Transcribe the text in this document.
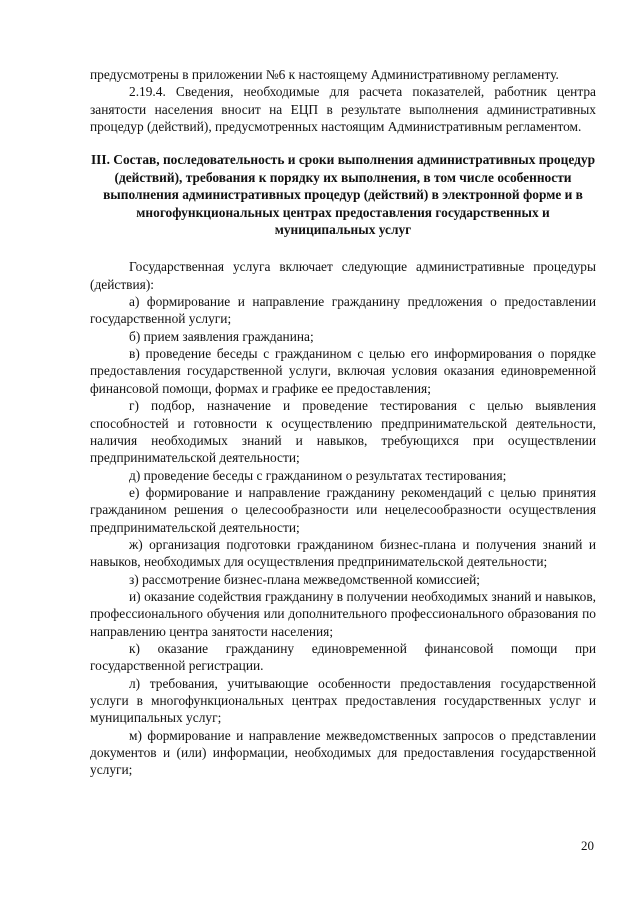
предусмотрены в приложении №6 к настоящему Административному регламенту.

2.19.4. Сведения, необходимые для расчета показателей, работник центра занятости населения вносит на ЕЦП в результате выполнения административных процедур (действий), предусмотренных настоящим Административным регламентом.

III. Состав, последовательность и сроки выполнения административных процедур (действий), требования к порядку их выполнения, в том числе особенности выполнения административных процедур (действий) в электронной форме и в многофункциональных центрах предоставления государственных и муниципальных услуг

Государственная услуга включает следующие административные процедуры (действия):

а) формирование и направление гражданину предложения о предоставлении государственной услуги;

б) прием заявления гражданина;

в) проведение беседы с гражданином с целью его информирования о порядке предоставления государственной услуги, включая условия оказания единовременной финансовой помощи, формах и графике ее предоставления;

г) подбор, назначение и проведение тестирования с целью выявления способностей и готовности к осуществлению предпринимательской деятельности, наличия необходимых знаний и навыков, требующихся при осуществлении предпринимательской деятельности;

д) проведение беседы с гражданином о результатах тестирования;

е) формирование и направление гражданину рекомендаций с целью принятия гражданином решения о целесообразности или нецелесообразности осуществления предпринимательской деятельности;

ж) организация подготовки гражданином бизнес-плана и получения знаний и навыков, необходимых для осуществления предпринимательской деятельности;

з) рассмотрение бизнес-плана межведомственной комиссией;

и) оказание содействия гражданину в получении необходимых знаний и навыков, профессионального обучения или дополнительного профессионального образования по направлению центра занятости населения;

к) оказание гражданину единовременной финансовой помощи при государственной регистрации.

л) требования, учитывающие особенности предоставления государственной услуги в многофункциональных центрах предоставления государственных услуг и муниципальных услуг;

м) формирование и направление межведомственных запросов о представлении документов и (или) информации, необходимых для предоставления государственной услуги;

20
